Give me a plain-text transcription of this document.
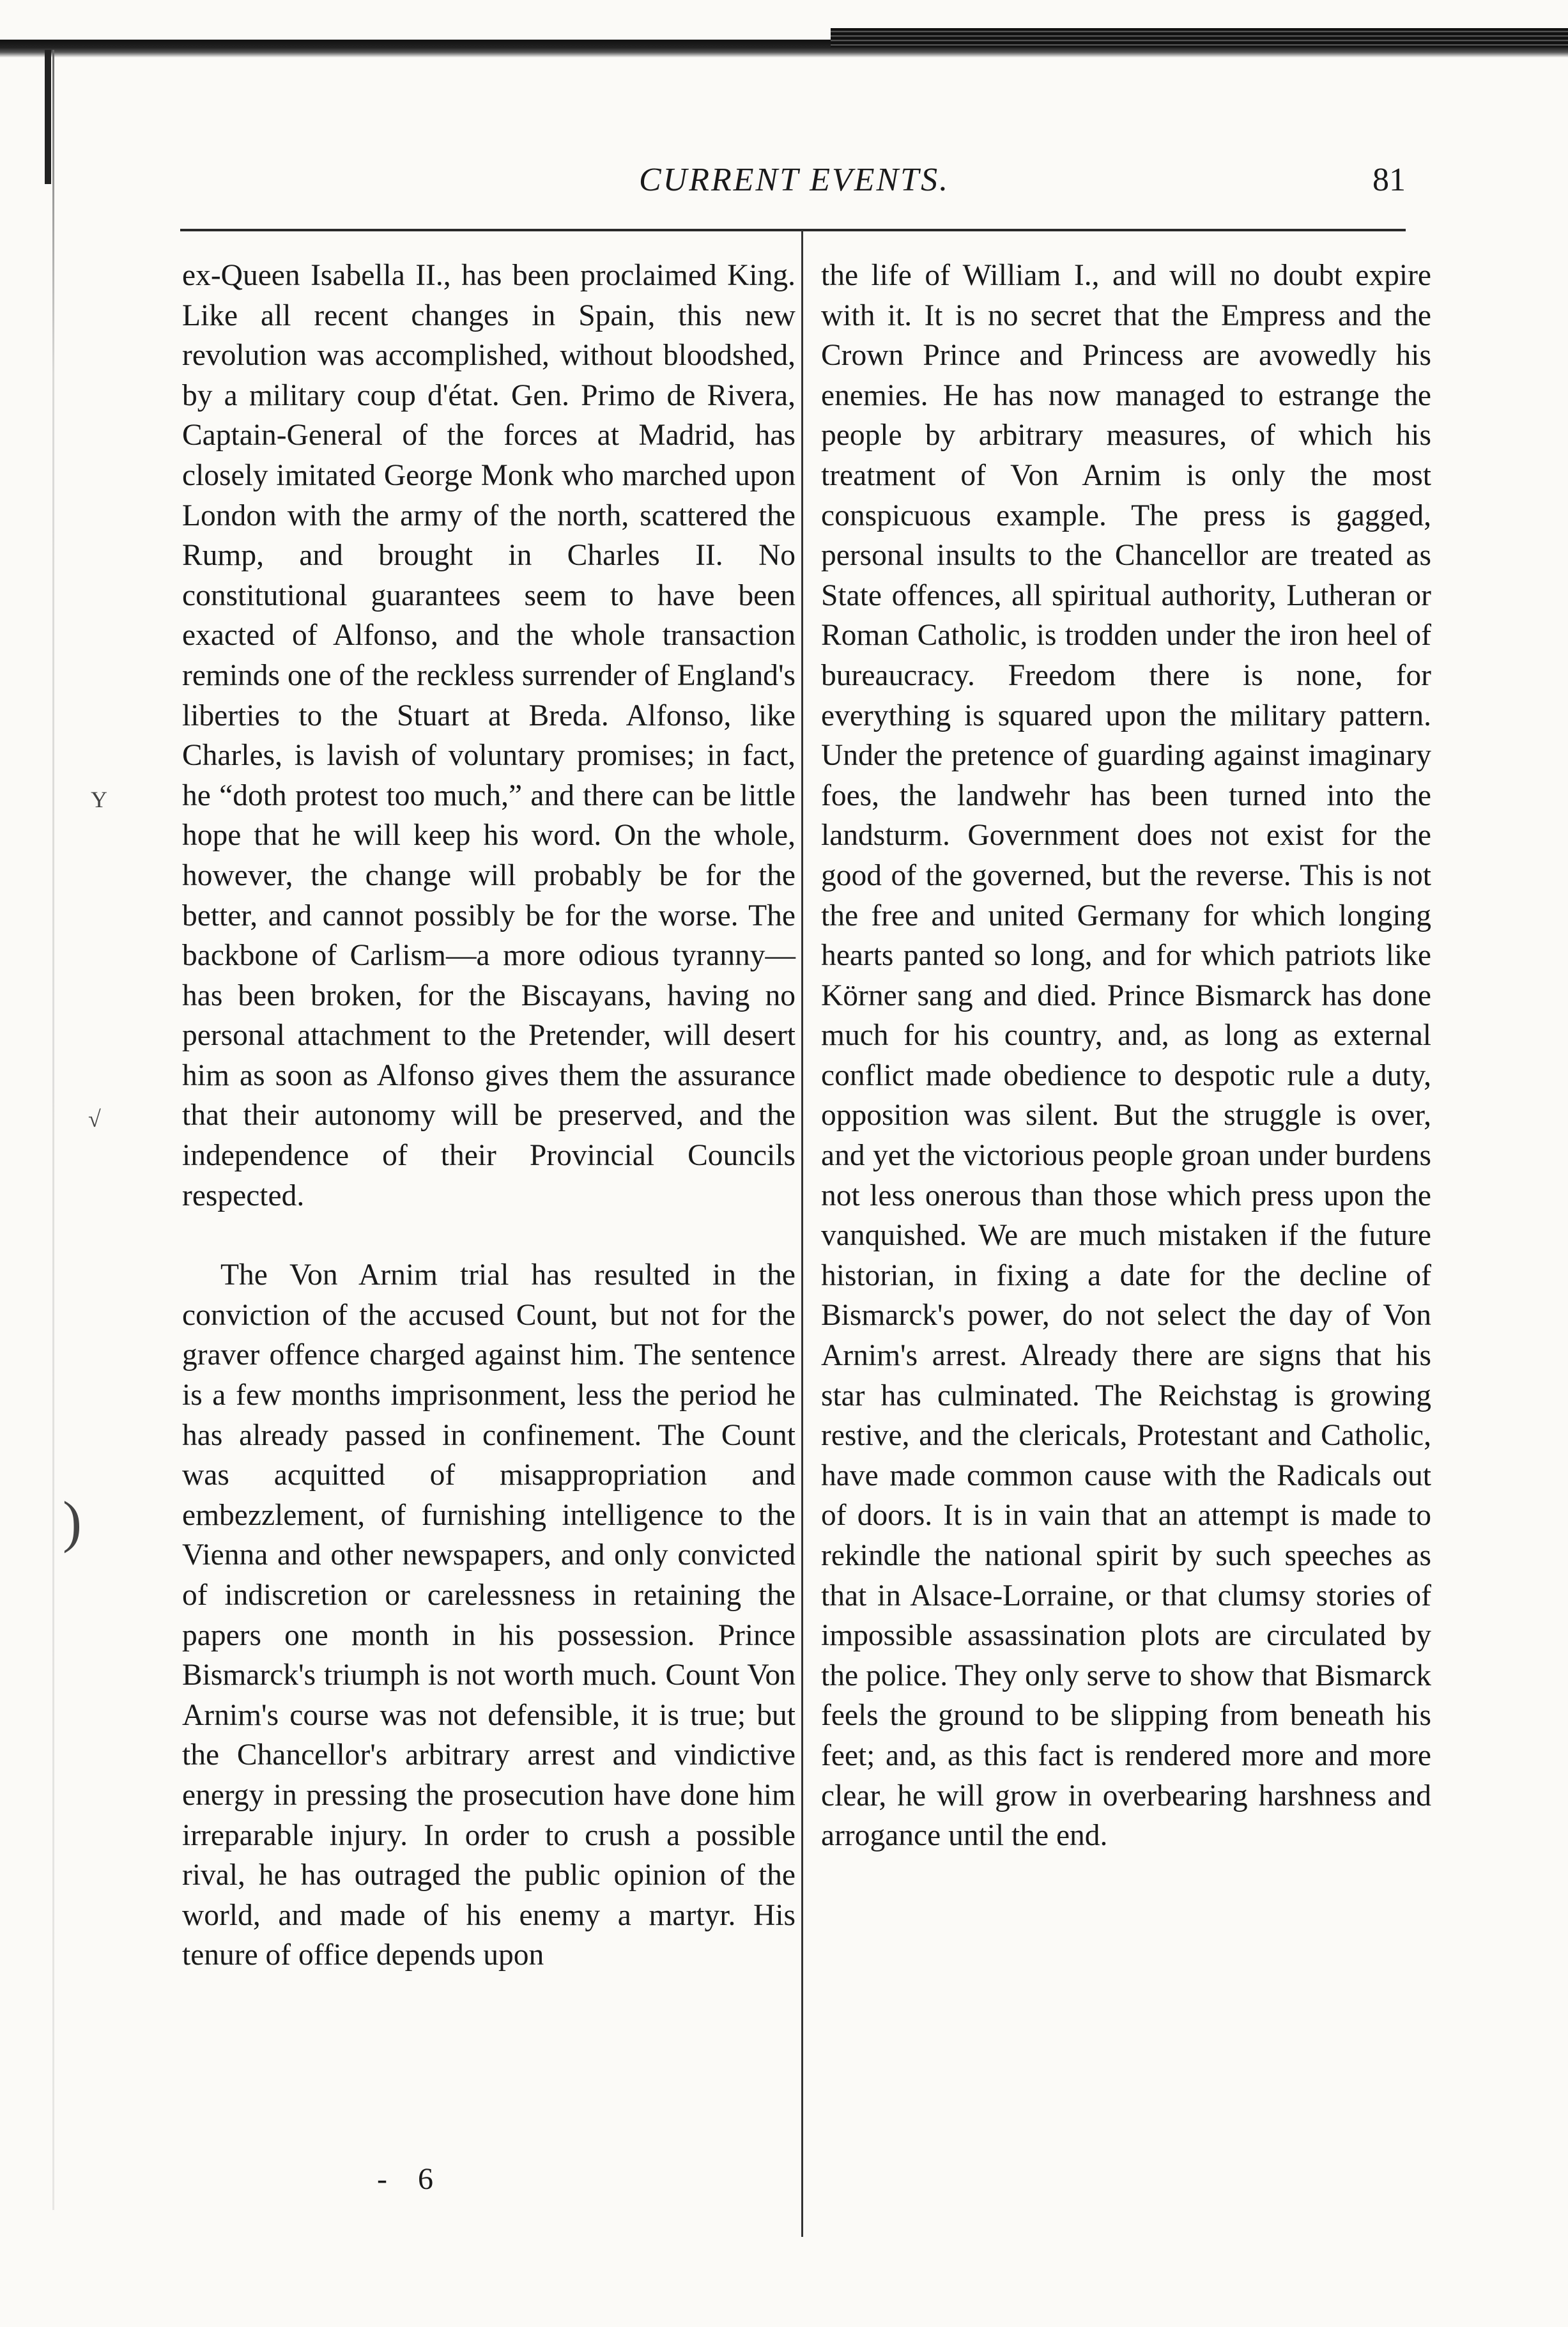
Y
√
)
CURRENT EVENTS.	81

ex-Queen Isabella II., has been proclaimed King. Like all recent changes in Spain, this new revolution was accomplished, without bloodshed, by a military coup d'état. Gen. Primo de Rivera, Captain-General of the forces at Madrid, has closely imitated George Monk who marched upon London with the army of the north, scattered the Rump, and brought in Charles II. No constitutional guarantees seem to have been exacted of Alfonso, and the whole transaction reminds one of the reckless surrender of England's liberties to the Stuart at Breda. Alfonso, like Charles, is lavish of voluntary promises; in fact, he “doth protest too much,” and there can be little hope that he will keep his word. On the whole, however, the change will probably be for the better, and cannot possibly be for the worse. The backbone of Carlism—a more odious tyranny—has been broken, for the Biscayans, having no personal attachment to the Pretender, will desert him as soon as Alfonso gives them the assurance that their autonomy will be preserved, and the independence of their Provincial Councils respected.

The Von Arnim trial has resulted in the conviction of the accused Count, but not for the graver offence charged against him. The sentence is a few months imprisonment, less the period he has already passed in confinement. The Count was acquitted of misappropriation and embezzlement, of furnishing intelligence to the Vienna and other newspapers, and only convicted of indiscretion or carelessness in retaining the papers one month in his possession. Prince Bismarck's triumph is not worth much. Count Von Arnim's course was not defensible, it is true; but the Chancellor's arbitrary arrest and vindictive energy in pressing the prosecution have done him irreparable injury. In order to crush a possible rival, he has outraged the public opinion of the world, and made of his enemy a martyr. His tenure of office depends upon

the life of William I., and will no doubt expire with it. It is no secret that the Empress and the Crown Prince and Princess are avowedly his enemies. He has now managed to estrange the people by arbitrary measures, of which his treatment of Von Arnim is only the most conspicuous example. The press is gagged, personal insults to the Chancellor are treated as State offences, all spiritual authority, Lutheran or Roman Catholic, is trodden under the iron heel of bureaucracy. Freedom there is none, for everything is squared upon the military pattern. Under the pretence of guarding against imaginary foes, the landwehr has been turned into the landsturm. Government does not exist for the good of the governed, but the reverse. This is not the free and united Germany for which longing hearts panted so long, and for which patriots like Körner sang and died. Prince Bismarck has done much for his country, and, as long as external conflict made obedience to despotic rule a duty, opposition was silent. But the struggle is over, and yet the victorious people groan under burdens not less onerous than those which press upon the vanquished. We are much mistaken if the future historian, in fixing a date for the decline of Bismarck's power, do not select the day of Von Arnim's arrest. Already there are signs that his star has culminated. The Reichstag is growing restive, and the clericals, Protestant and Catholic, have made common cause with the Radicals out of doors. It is in vain that an attempt is made to rekindle the national spirit by such speeches as that in Alsace-Lorraine, or that clumsy stories of impossible assassination plots are circulated by the police. They only serve to show that Bismarck feels the ground to be slipping from beneath his feet; and, as this fact is rendered more and more clear, he will grow in overbearing harshness and arrogance until the end.

- 6
